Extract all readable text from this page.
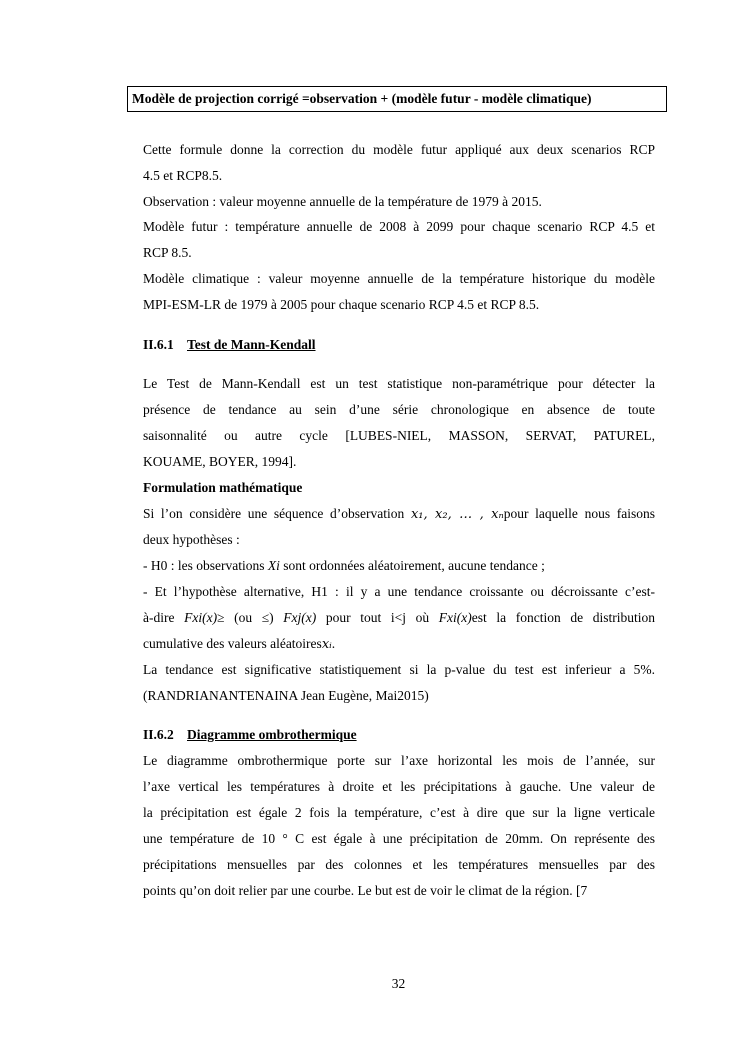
Modèle de projection corrigé =observation + (modèle futur - modèle climatique)
Cette formule donne la correction du modèle futur appliqué aux deux scenarios RCP
4.5 et RCP8.5.
Observation : valeur moyenne annuelle de la température de 1979 à 2015.
Modèle futur : température annuelle de 2008 à 2099 pour chaque scenario RCP 4.5 et
RCP 8.5.
Modèle climatique : valeur moyenne annuelle de la température historique du modèle
MPI-ESM-LR de 1979 à 2005 pour chaque scenario RCP 4.5 et RCP 8.5.
II.6.1 Test de Mann-Kendall
Le Test de Mann-Kendall est un test statistique non-paramétrique pour détecter la
présence de tendance au sein d’une série chronologique en absence de toute
saisonnalité ou autre cycle [LUBES-NIEL, MASSON, SERVAT, PATUREL,
KOUAME, BOYER, 1994].
Formulation mathématique
Si l’on considère une séquence d’observation x₁, x₂, … , xₙpour laquelle nous faisons
deux hypothèses :
- H0 : les observations Xi sont ordonnées aléatoirement, aucune tendance ;
- Et l’hypothèse alternative, H1 : il y a une tendance croissante ou décroissante c’est-
à-dire Fxi(x)≥ (ou ≤) Fxj(x) pour tout i<j où Fxi(x)est la fonction de distribution
cumulative des valeurs aléatoiresxᵢ.
La tendance est significative statistiquement si la p-value du test est inferieur a 5%.
(RANDRIANANTENAINA Jean Eugène, Mai2015)
II.6.2 Diagramme ombrothermique
Le diagramme ombrothermique porte sur l’axe horizontal les mois de l’année, sur
l’axe vertical les températures à droite et les précipitations à gauche. Une valeur de
la précipitation est égale 2 fois la température, c’est à dire que sur la ligne verticale
une température de 10 ° C est égale à une précipitation de 20mm. On représente des
précipitations mensuelles par des colonnes et les températures mensuelles par des
points qu’on doit relier par une courbe. Le but est de voir le climat de la région. [7
32
